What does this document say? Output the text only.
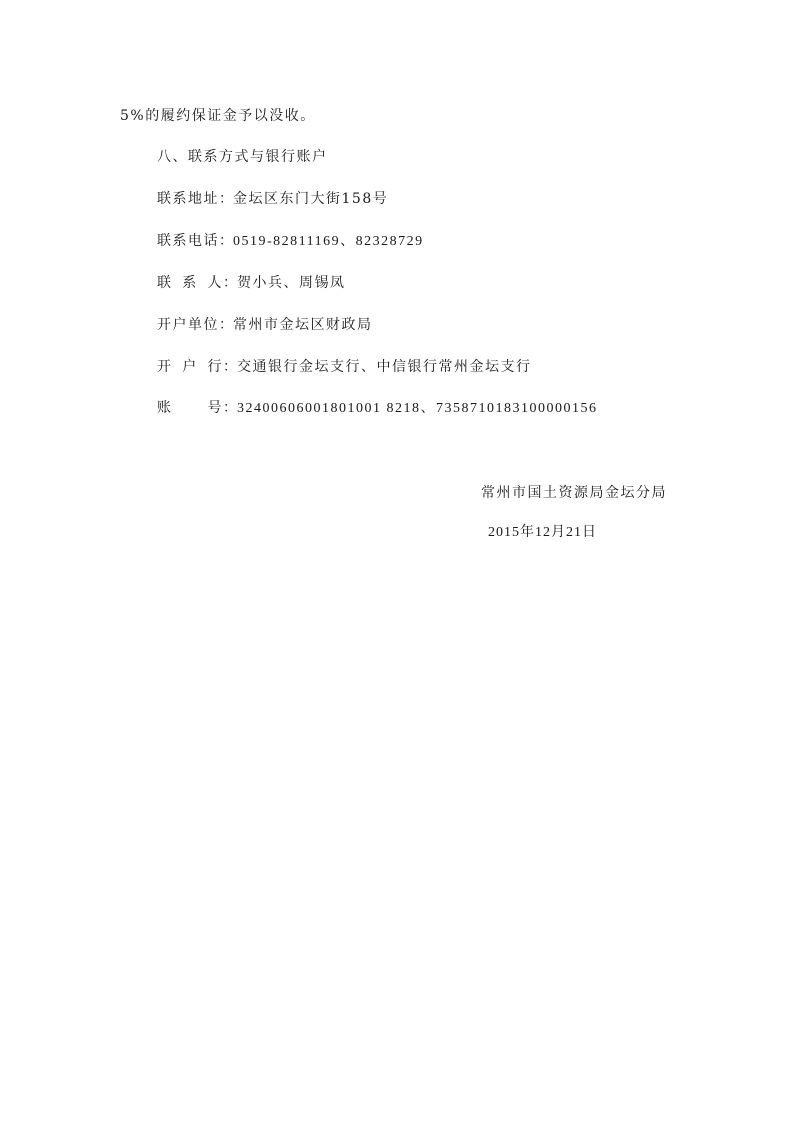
5%的履约保证金予以没收。
八、联系方式与银行账户
联系地址：金坛区东门大街158号
联系电话：0519-82811169、82328729
联 系 人：贺小兵、周锡凤
开户单位：常州市金坛区财政局
开 户 行：交通银行金坛支行、中信银行常州金坛支行
账 号：32400606001801001 8218、7358710183100000156
常州市国土资源局金坛分局
2015年12月21日
